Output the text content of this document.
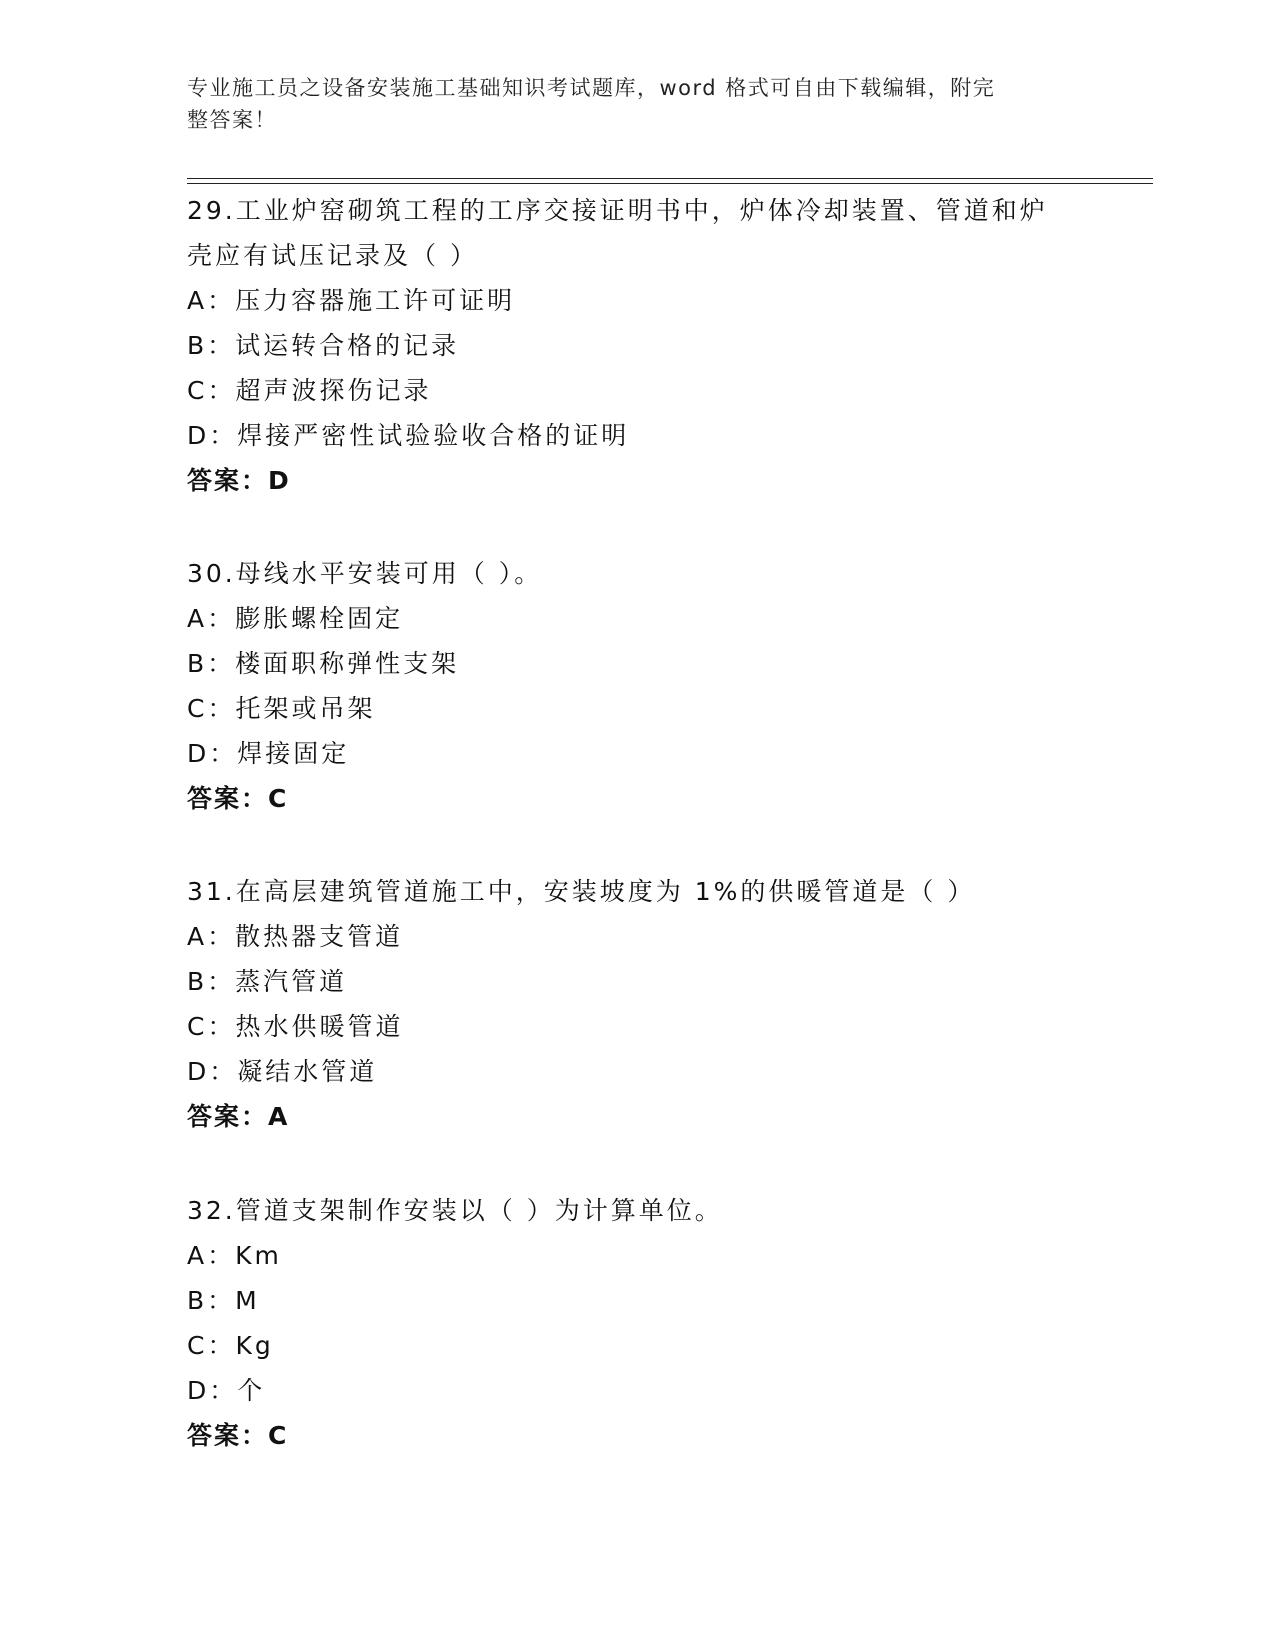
专业施工员之设备安装施工基础知识考试题库，word 格式可自由下载编辑，附完
整答案！
29.工业炉窑砌筑工程的工序交接证明书中，炉体冷却装置、管道和炉
壳应有试压记录及（ ）
A：压力容器施工许可证明
B：试运转合格的记录
C：超声波探伤记录
D：焊接严密性试验验收合格的证明
答案：D
30.母线水平安装可用（ ）。
A：膨胀螺栓固定
B：楼面职称弹性支架
C：托架或吊架
D：焊接固定
答案：C
31.在高层建筑管道施工中，安装坡度为 1%的供暖管道是（ ）
A：散热器支管道
B：蒸汽管道
C：热水供暖管道
D：凝结水管道
答案：A
32.管道支架制作安装以（ ）为计算单位。
A：Km
B：M
C：Kg
D：个
答案：C
